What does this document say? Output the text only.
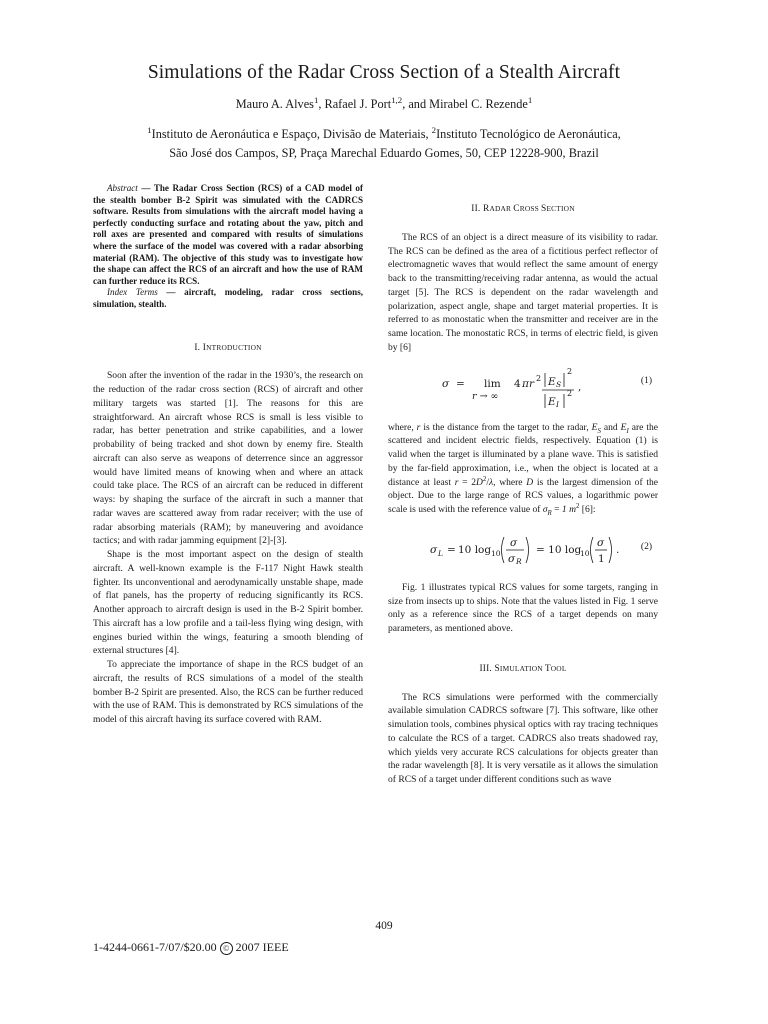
Simulations of the Radar Cross Section of a Stealth Aircraft
Mauro A. Alves$^1$, Rafael J. Port$^{1,2}$, and Mirabel C. Rezende$^1$
$^1$Instituto de Aeronáutica e Espaço, Divisão de Materiais, $^2$Instituto Tecnológico de Aeronáutica,
São José dos Campos, SP, Praça Marechal Eduardo Gomes, 50, CEP 12228-900, Brazil

Abstract — The Radar Cross Section (RCS) of a CAD model of the stealth bomber B-2 Spirit was simulated with the CADRCS software. Results from simulations with the aircraft model having a perfectly conducting surface and rotating about the yaw, pitch and roll axes are presented and compared with results of simulations where the surface of the model was covered with a radar absorbing material (RAM). The objective of this study was to investigate how the shape can affect the RCS of an aircraft and how the use of RAM can further reduce its RCS.

Index Terms — aircraft, modeling, radar cross sections, simulation, stealth.

I. INTRODUCTION

Soon after the invention of the radar in the 1930’s, the research on the reduction of the radar cross section (RCS) of aircraft and other military targets was started [1]. The reasons for this are straightforward. An aircraft whose RCS is small is less visible to radar, has better penetration and strike capabilities, and a lower probability of being tracked and shot down by enemy fire. Stealth aircraft can also serve as weapons of deterrence since an aggressor would have limited means of knowing when and where an attack could take place. The RCS of an aircraft can be reduced in different ways: by shaping the surface of the aircraft in such a manner that radar waves are scattered away from radar receiver; with the use of radar absorbing materials (RAM); by maneuvering and avoidance tactics; and with radar jamming equipment [2]-[3].

Shape is the most important aspect on the design of stealth aircraft. A well-known example is the F-117 Night Hawk stealth fighter. Its unconventional and aerodynamically unstable shape, made of flat panels, has the property of reducing significantly its RCS. Another approach to aircraft design is used in the B-2 Spirit bomber. This aircraft has a low profile and a tail-less flying wing design, with engines buried within the wings, featuring a smooth blending of external structures [4].

To appreciate the importance of shape in the RCS budget of an aircraft, the results of RCS simulations of a model of the stealth bomber B-2 Spirit are presented. Also, the RCS can be further reduced with the use of RAM. This is demonstrated by RCS simulations of the model of this aircraft having its surface covered with RAM.

II. RADAR CROSS SECTION

The RCS of an object is a direct measure of its visibility to radar. The RCS can be defined as the area of a fictitious perfect reflector of electromagnetic waves that would reflect the same amount of energy back to the transmitting/receiving radar antenna, as would the actual target [5]. The RCS is dependent on the radar wavelength and polarization, aspect angle, shape and target material properties. It is referred to as monostatic when the transmitter and receiver are in the same location. The monostatic RCS, in terms of electric field, is given by [6]

σ = lim
r → ∞
4 π r 2 E S
2
E I
2
,	(1)

where, r is the distance from the target to the radar, $E_S$ and $E_I$ are the scattered and incident electric fields, respectively. Equation (1) is valid when the target is illuminated by a plane wave. This is satisfied by the far-field approximation, i.e., when the object is located at a distance at least $r = 2D^2/\lambda$, where D is the largest dimension of the object. Due to the large range of RCS values, a logarithmic power scale is used with the reference value of $\sigma_R = 1$ $m^2$ [6]:

σ L = 10 log 10
σ
σ R
= 10 log
10
σ
1
. (2)

Fig. 1 illustrates typical RCS values for some targets, ranging in size from insects up to ships. Note that the values listed in Fig. 1 serve only as a reference since the RCS of a target depends on many parameters, as mentioned above.

III. SIMULATION TOOL

The RCS simulations were performed with the commercially available simulation CADRCS software [7]. This software, like other simulation tools, combines physical optics with ray tracing techniques to calculate the RCS of a target. CADRCS also treats shadowed ray, which yields very accurate RCS calculations for objects greater than the radar wavelength [8]. It is very versatile as it allows the simulation of RCS of a target under different conditions such as wave

409
1-4244-0661-7/07/$20.00 © 2007 IEEE
